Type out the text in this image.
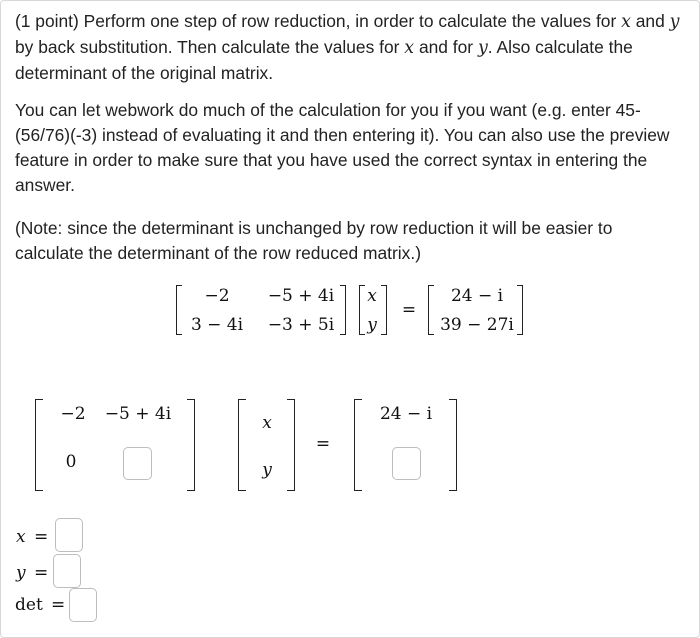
(1 point) Perform one step of row reduction, in order to calculate the values for x and y
by back substitution. Then calculate the values for x and for y. Also calculate the determinant of the original matrix.

You can let webwork do much of the calculation for you if you want (e.g. enter 45-(56/76)(-3) instead of evaluating it and then entering it). You can also use the preview feature in order to make sure that you have used the correct syntax in entering the answer.

(Note: since the determinant is unchanged by row reduction it will be easier to calculate the determinant of the row reduced matrix.)

−2 −5 + 4i
3 − 4i −3 + 5i
x
y
=
24 − i
39 − 27i
−2 −5 + 4i
0
x
y
=
24 − i
x =
y =
det =
